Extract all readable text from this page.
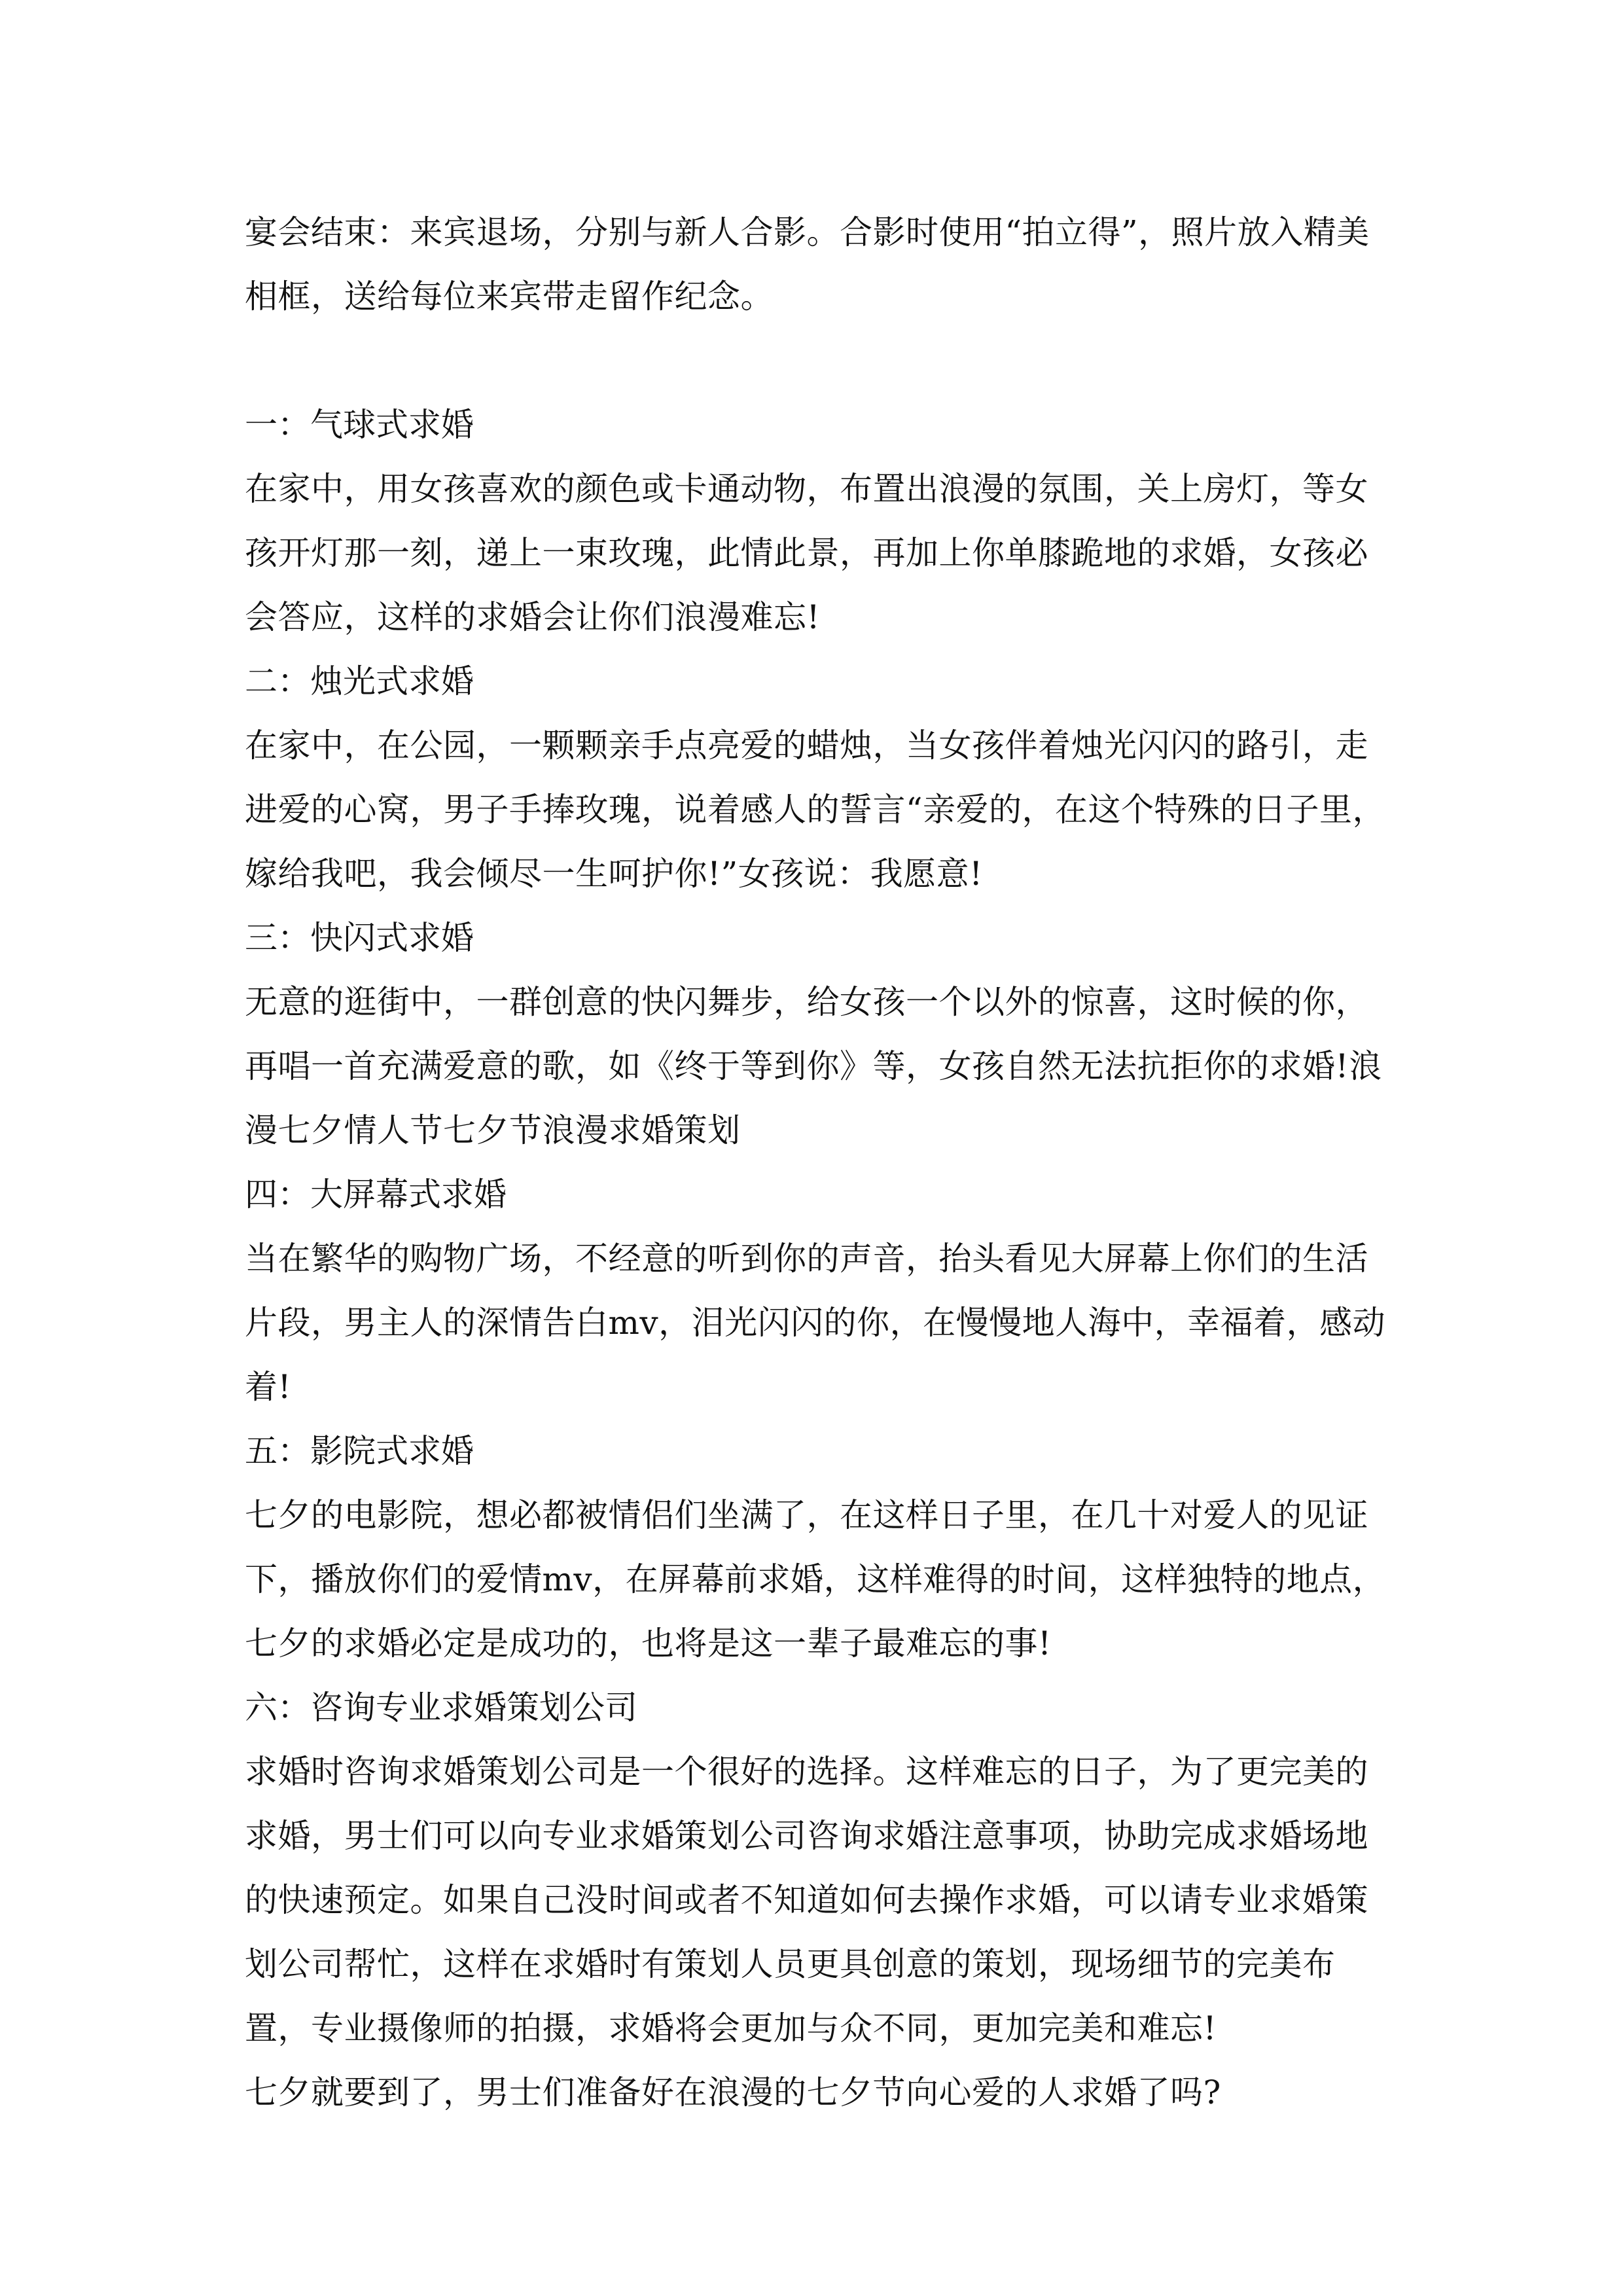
宴会结束：来宾退场，分别与新人合影。合影时使用“拍立得”，照片放入精美相框，送给每位来宾带走留作纪念。

一：气球式求婚

在家中，用女孩喜欢的颜色或卡通动物，布置出浪漫的氛围，关上房灯，等女孩开灯那一刻，递上一束玫瑰，此情此景，再加上你单膝跪地的求婚，女孩必会答应，这样的求婚会让你们浪漫难忘!

二：烛光式求婚

在家中，在公园，一颗颗亲手点亮爱的蜡烛，当女孩伴着烛光闪闪的路引，走进爱的心窝，男子手捧玫瑰，说着感人的誓言“亲爱的，在这个特殊的日子里，嫁给我吧，我会倾尽一生呵护你!”女孩说：我愿意!

三：快闪式求婚

无意的逛街中，一群创意的快闪舞步，给女孩一个以外的惊喜，这时候的你，再唱一首充满爱意的歌，如《终于等到你》等，女孩自然无法抗拒你的求婚!浪漫七夕情人节七夕节浪漫求婚策划

四：大屏幕式求婚

当在繁华的购物广场，不经意的听到你的声音，抬头看见大屏幕上你们的生活片段，男主人的深情告白mv，泪光闪闪的你，在慢慢地人海中，幸福着，感动着!

五：影院式求婚

七夕的电影院，想必都被情侣们坐满了，在这样日子里，在几十对爱人的见证下，播放你们的爱情mv，在屏幕前求婚，这样难得的时间，这样独特的地点，七夕的求婚必定是成功的，也将是这一辈子最难忘的事!

六：咨询专业求婚策划公司

求婚时咨询求婚策划公司是一个很好的选择。这样难忘的日子，为了更完美的求婚，男士们可以向专业求婚策划公司咨询求婚注意事项，协助完成求婚场地的快速预定。如果自己没时间或者不知道如何去操作求婚，可以请专业求婚策划公司帮忙，这样在求婚时有策划人员更具创意的策划，现场细节的完美布置，专业摄像师的拍摄，求婚将会更加与众不同，更加完美和难忘!

七夕就要到了，男士们准备好在浪漫的七夕节向心爱的人求婚了吗?
